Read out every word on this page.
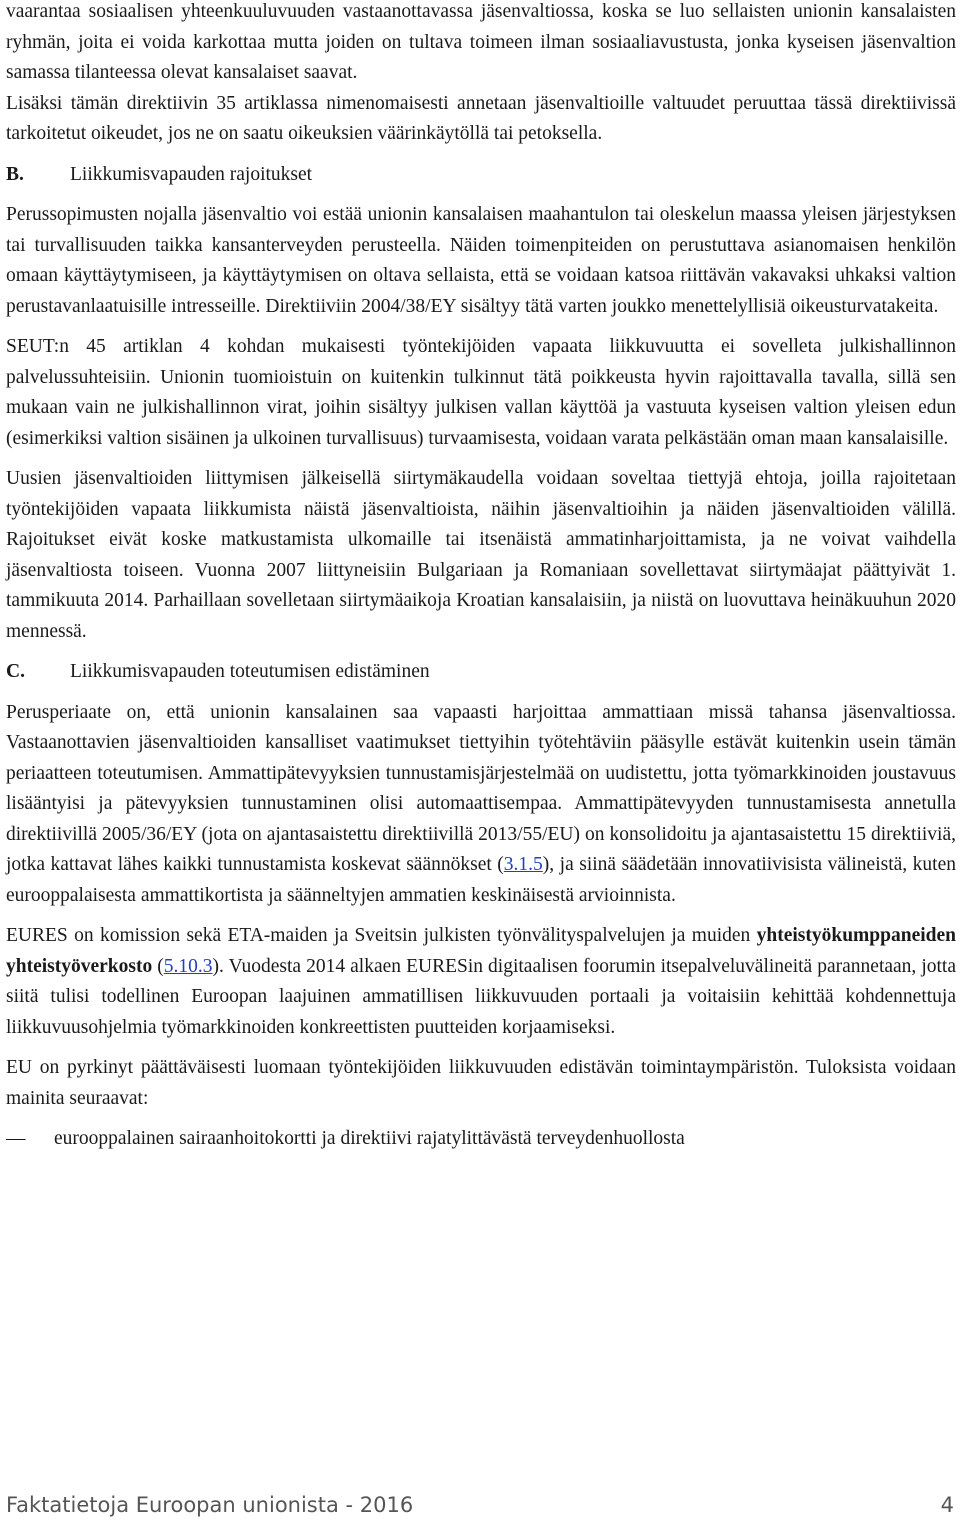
vaarantaa sosiaalisen yhteenkuuluvuuden vastaanottavassa jäsenvaltiossa, koska se luo sellaisten unionin kansalaisten ryhmän, joita ei voida karkottaa mutta joiden on tultava toimeen ilman sosiaaliavustusta, jonka kyseisen jäsenvaltion samassa tilanteessa olevat kansalaiset saavat.

Lisäksi tämän direktiivin 35 artiklassa nimenomaisesti annetaan jäsenvaltioille valtuudet peruuttaa tässä direktiivissä tarkoitetut oikeudet, jos ne on saatu oikeuksien väärinkäytöllä tai petoksella.

B.	Liikkumisvapauden rajoitukset

Perussopimusten nojalla jäsenvaltio voi estää unionin kansalaisen maahantulon tai oleskelun maassa yleisen järjestyksen tai turvallisuuden taikka kansanterveyden perusteella. Näiden toimenpiteiden on perustuttava asianomaisen henkilön omaan käyttäytymiseen, ja käyttäytymisen on oltava sellaista, että se voidaan katsoa riittävän vakavaksi uhkaksi valtion perustavanlaatuisille intresseille. Direktiiviin 2004/38/EY sisältyy tätä varten joukko menettelyllisiä oikeusturvatakeita.

SEUT:n 45 artiklan 4 kohdan mukaisesti työntekijöiden vapaata liikkuvuutta ei sovelleta julkishallinnon palvelussuhteisiin. Unionin tuomioistuin on kuitenkin tulkinnut tätä poikkeusta hyvin rajoittavalla tavalla, sillä sen mukaan vain ne julkishallinnon virat, joihin sisältyy julkisen vallan käyttöä ja vastuuta kyseisen valtion yleisen edun (esimerkiksi valtion sisäinen ja ulkoinen turvallisuus) turvaamisesta, voidaan varata pelkästään oman maan kansalaisille.

Uusien jäsenvaltioiden liittymisen jälkeisellä siirtymäkaudella voidaan soveltaa tiettyjä ehtoja, joilla rajoitetaan työntekijöiden vapaata liikkumista näistä jäsenvaltioista, näihin jäsenvaltioihin ja näiden jäsenvaltioiden välillä. Rajoitukset eivät koske matkustamista ulkomaille tai itsenäistä ammatinharjoittamista, ja ne voivat vaihdella jäsenvaltiosta toiseen. Vuonna 2007 liittyneisiin Bulgariaan ja Romaniaan sovellettavat siirtymäajat päättyivät 1. tammikuuta 2014. Parhaillaan sovelletaan siirtymäaikoja Kroatian kansalaisiin, ja niistä on luovuttava heinäkuuhun 2020 mennessä.

C.	Liikkumisvapauden toteutumisen edistäminen

Perusperiaate on, että unionin kansalainen saa vapaasti harjoittaa ammattiaan missä tahansa jäsenvaltiossa. Vastaanottavien jäsenvaltioiden kansalliset vaatimukset tiettyihin työtehtäviin pääsylle estävät kuitenkin usein tämän periaatteen toteutumisen. Ammattipätevyyksien tunnustamisjärjestelmää on uudistettu, jotta työmarkkinoiden joustavuus lisääntyisi ja pätevyyksien tunnustaminen olisi automaattisempaa. Ammattipätevyyden tunnustamisesta annetulla direktiivillä 2005/36/EY (jota on ajantasaistettu direktiivillä 2013/55/EU) on konsolidoitu ja ajantasaistettu 15 direktiiviä, jotka kattavat lähes kaikki tunnustamista koskevat säännökset (3.1.5), ja siinä säädetään innovatiivisista välineistä, kuten eurooppalaisesta ammattikortista ja säänneltyjen ammatien keskinäisestä arvioinnista.

EURES on komission sekä ETA-maiden ja Sveitsin julkisten työnvälityspalvelujen ja muiden yhteistyökumppaneiden yhteistyöverkosto (5.10.3). Vuodesta 2014 alkaen EURESin digitaalisen foorumin itsepalveluvälineitä parannetaan, jotta siitä tulisi todellinen Euroopan laajuinen ammatillisen liikkuvuuden portaali ja voitaisiin kehittää kohdennettuja liikkuvuusohjelmia työmarkkinoiden konkreettisten puutteiden korjaamiseksi.

EU on pyrkinyt päättäväisesti luomaan työntekijöiden liikkuvuuden edistävän toimintaympäristön. Tuloksista voidaan mainita seuraavat:

—	eurooppalainen sairaanhoitokortti ja direktiivi rajatylittävästä terveydenhuollosta
Faktatietoja Euroopan unionista - 2016	4
